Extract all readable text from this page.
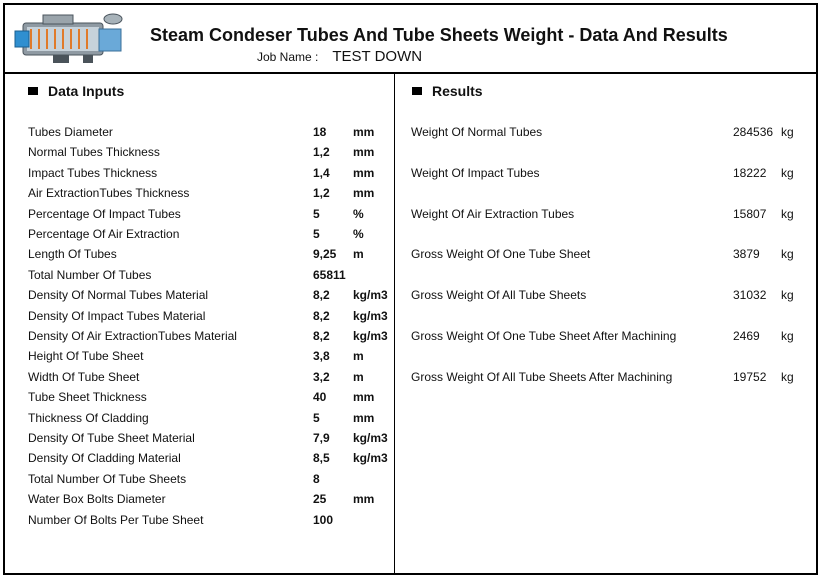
Steam Condeser Tubes And Tube Sheets Weight - Data And Results
Job Name : TEST DOWN
Data Inputs	Results
Tubes Diameter	18 mm
Normal Tubes Thickness	1,2 mm
Impact Tubes Thickness	1,4 mm
Air ExtractionTubes Thickness	1,2 mm
Percentage Of Impact Tubes	5	%
Percentage Of Air Extraction	5	%
Length Of Tubes	9,25 m
Total Number Of Tubes	65811
Density Of Normal Tubes Material	8,2 kg/m3
Density Of Impact Tubes Material	8,2 kg/m3
Density Of Air ExtractionTubes Material	8,2 kg/m3
Height Of Tube Sheet	3,8 m
Width Of Tube Sheet	3,2 m
Tube Sheet Thickness	40 mm
Thickness Of Cladding	5	mm
Density Of Tube Sheet Material	7,9 kg/m3
Density Of Cladding Material	8,5 kg/m3
Total Number Of Tube Sheets	8
Water Box Bolts Diameter	25 mm
Number Of Bolts Per Tube Sheet	100
Weight Of Normal Tubes	284536 kg
Weight Of Impact Tubes	18222 kg
Weight Of Air Extraction Tubes	15807 kg
Gross Weight Of One Tube Sheet	3879 kg
Gross Weight Of All Tube Sheets	31032 kg
Gross Weight Of One Tube Sheet After Machining	2469 kg
Gross Weight Of All Tube Sheets After Machining	19752 kg
